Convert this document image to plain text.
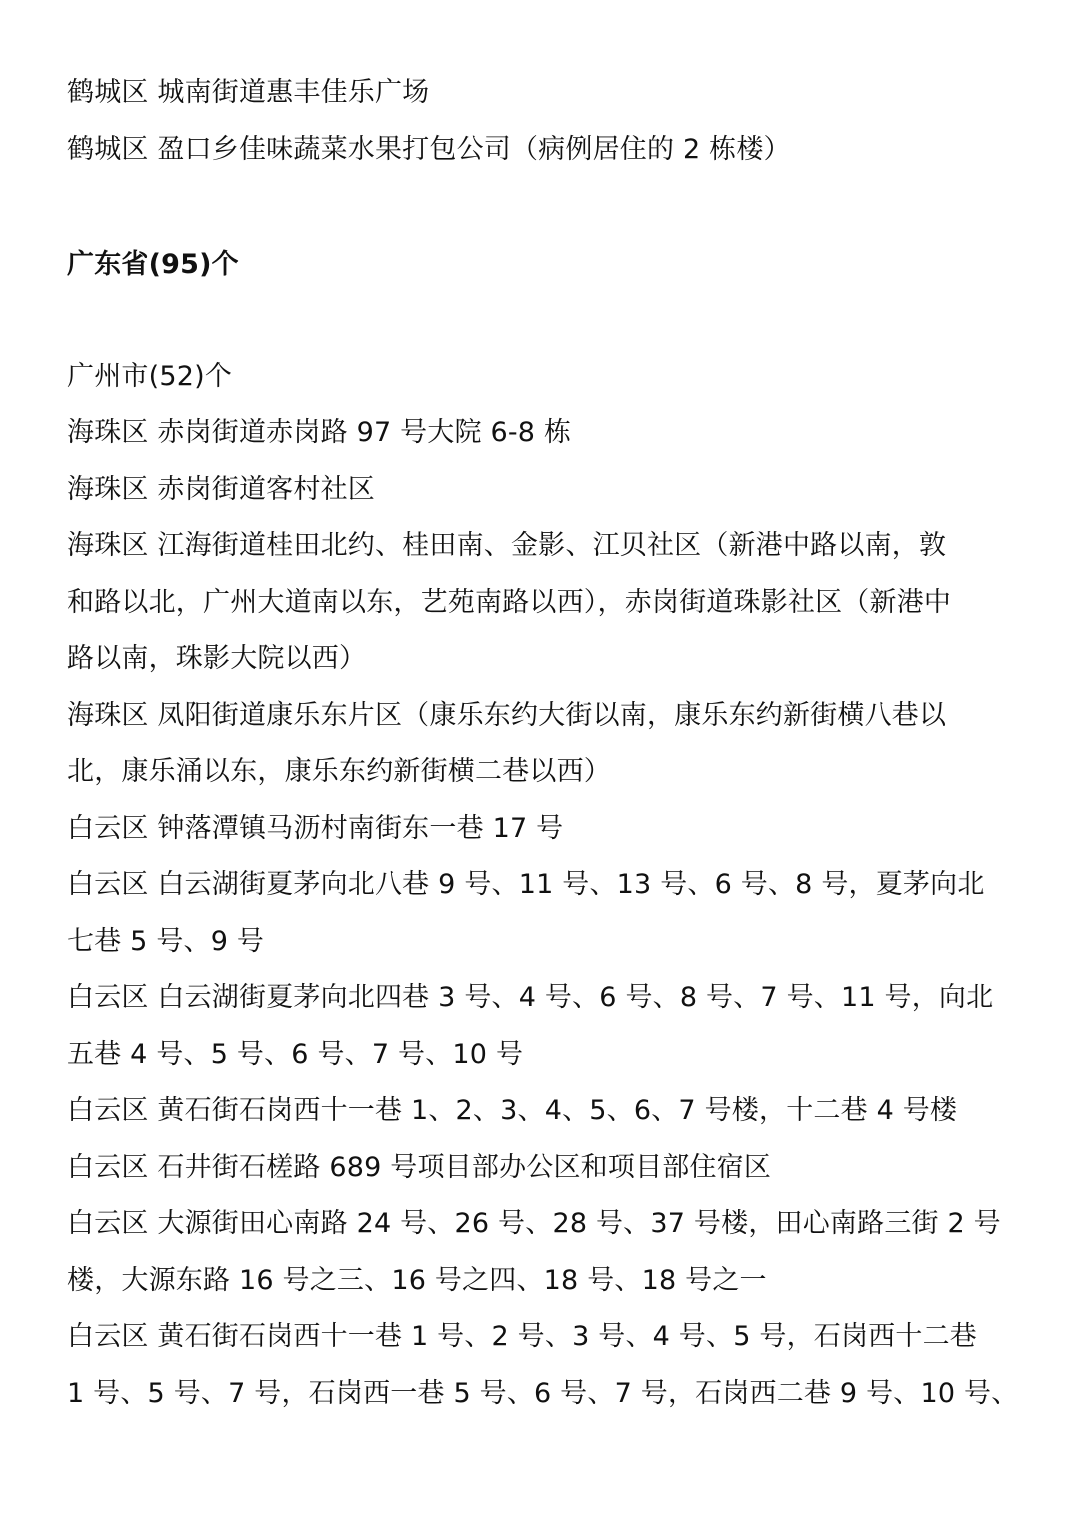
鹤城区 城南街道惠丰佳乐广场
鹤城区 盈口乡佳味蔬菜水果打包公司（病例居住的 2 栋楼）
广东省(95)个
广州市(52)个
海珠区 赤岗街道赤岗路 97 号大院 6-8 栋
海珠区 赤岗街道客村社区
海珠区 江海街道桂田北约、桂田南、金影、江贝社区（新港中路以南，敦
和路以北，广州大道南以东，艺苑南路以西），赤岗街道珠影社区（新港中
路以南，珠影大院以西）
海珠区 凤阳街道康乐东片区（康乐东约大街以南，康乐东约新街横八巷以
北，康乐涌以东，康乐东约新街横二巷以西）
白云区 钟落潭镇马沥村南街东一巷 17 号
白云区 白云湖街夏茅向北八巷 9 号、11 号、13 号、6 号、8 号，夏茅向北
七巷 5 号、9 号
白云区 白云湖街夏茅向北四巷 3 号、4 号、6 号、8 号、7 号、11 号，向北
五巷 4 号、5 号、6 号、7 号、10 号
白云区 黄石街石岗西十一巷 1、2、3、4、5、6、7 号楼，十二巷 4 号楼
白云区 石井街石槎路 689 号项目部办公区和项目部住宿区
白云区 大源街田心南路 24 号、26 号、28 号、37 号楼，田心南路三街 2 号
楼，大源东路 16 号之三、16 号之四、18 号、18 号之一
白云区 黄石街石岗西十一巷 1 号、2 号、3 号、4 号、5 号，石岗西十二巷
1 号、5 号、7 号，石岗西一巷 5 号、6 号、7 号，石岗西二巷 9 号、10 号、
